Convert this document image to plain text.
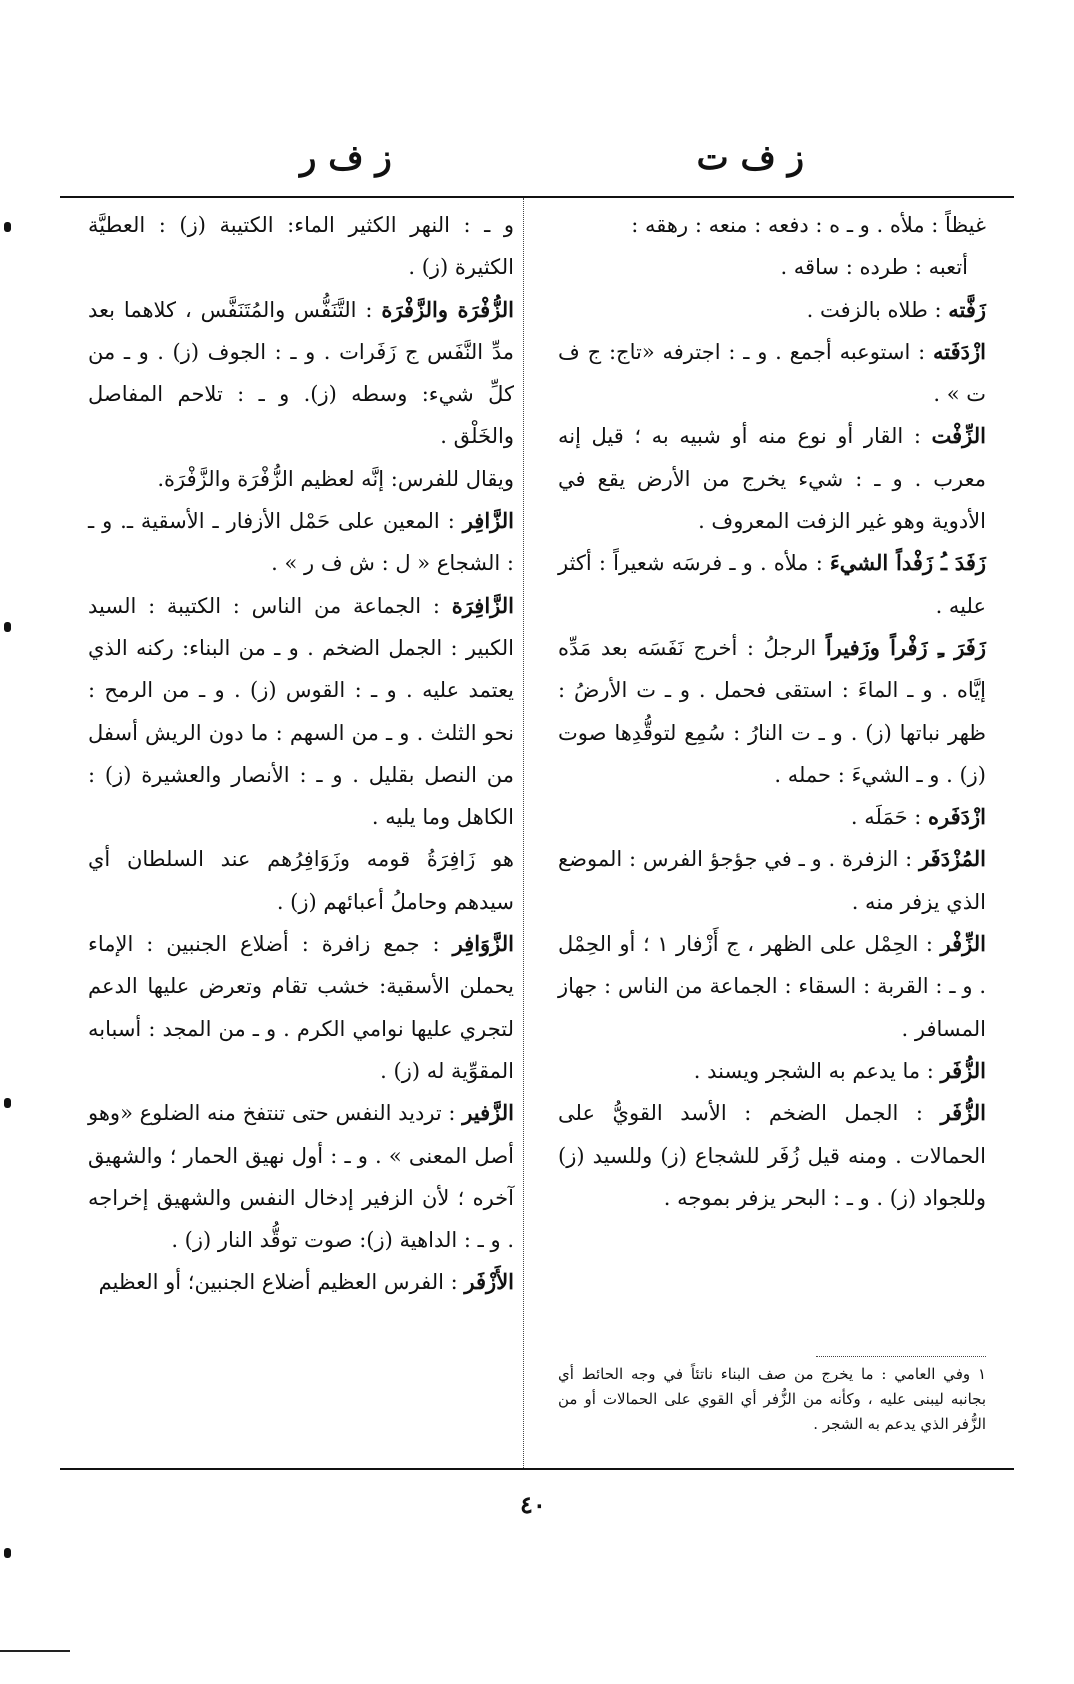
ز ف ت
ز ف ر

غيظاً : ملأه . و ـ ه : دفعه : منعه : رهقه :

أتعبه : طرده : ساقه .

زَفَّته : طلاه بالزفت .

ازْدَفَته : استوعبه أجمع . و ـ : اجترفه «تاج: ج ف ت » .

الزِّفْت : القار أو نوع منه أو شبيه به ؛ قيل إنه معرب . و ـ : شيء يخرج من الأرض يقع في الأدوية وهو غير الزفت المعروف .

زَفَدَ ـُ زَفْداً الشيءَ : ملأه . و ـ فرسَه شعيراً : أكثر عليه .

زَفَرَ ـِ زَفْراً وزَفيراً الرجلُ : أخرج نَفَسَه بعد مَدِّه إيَّاه . و ـ الماءَ : استقى فحمل . و ـ ت الأرضُ : ظهر نباتها (ز) . و ـ ت النارُ : سُمِع لتوقُّدِها صوت (ز) . و ـ الشيءَ : حمله .

ازْدَفَره : حَمَلَه .

المُزْدَفَر : الزفرة . و ـ في جؤجؤ الفرس : الموضع الذي يزفر منه .

الزِّفْر : الحِمْل على الظهر ، ج أَزْفار ١ ؛ أو الحِمْل . و ـ : القربة : السقاء : الجماعة من الناس : جهاز المسافر .

الزُّفَر : ما يدعم به الشجر ويسند .

الزُّفَر : الجمل الضخم : الأسد القويُّ على الحمالات . ومنه قيل زُفَر للشجاع (ز) وللسيد (ز) وللجواد (ز) . و ـ : البحر يزفر بموجه .

١ وفي العامي : ما يخرج من صف البناء ناتئاً في وجه الحائط أي بجانبه ليبنى عليه ، وكأنه من الزُّفر أي القوي على الحمالات أو من الزُّفر الذي يدعم به الشجر .

و ـ : النهر الكثير الماء: الكتيبة (ز) : العطيَّة الكثيرة (ز) .

الزُّفْرَة والزَّفْرَة : التَّنَفُّس والمُتَنَفَّس ، كلاهما بعد مدِّ النَّفَس ج زَفَرات . و ـ : الجوف (ز) . و ـ من كلِّ شيء: وسطه (ز). و ـ : تلاحم المفاصل والخَلْق .

ويقال للفرس: إنَّه لعظيم الزُّفْرَة والزَّفْرَة.

الزَّافِر : المعين على حَمْل الأزفار ـ الأسقية ـ. و ـ : الشجاع « ل : ش ف ر » .

الزَّافِرَة : الجماعة من الناس : الكتيبة : السيد الكبير : الجمل الضخم . و ـ من البناء: ركنه الذي يعتمد عليه . و ـ : القوس (ز) . و ـ من الرمح : نحو الثلث . و ـ من السهم : ما دون الريش أسفل من النصل بقليل . و ـ : الأنصار والعشيرة (ز) : الكاهل وما يليه .

هو زَافِرَةُ قومه وزَوَافِرُهم عند السلطان أي سيدهم وحاملُ أعبائهم (ز) .

الزَّوَافِر : جمع زافرة : أضلاع الجنبين : الإماء يحملن الأسقية: خشب تقام وتعرض عليها الدعم لتجري عليها نوامي الكرم . و ـ من المجد : أسبابه المقوِّية له (ز) .

الزَّفير : ترديد النفس حتى تنتفخ منه الضلوع «وهو أصل المعنى » . و ـ : أول نهيق الحمار ؛ والشهيق آخره ؛ لأن الزفير إدخال النفس والشهيق إخراجه . و ـ : الداهية (ز): صوت توقُّد النار (ز) .

الأَزْفَر : الفرس العظيم أضلاع الجنبين؛ أو العظيم

٤٠
